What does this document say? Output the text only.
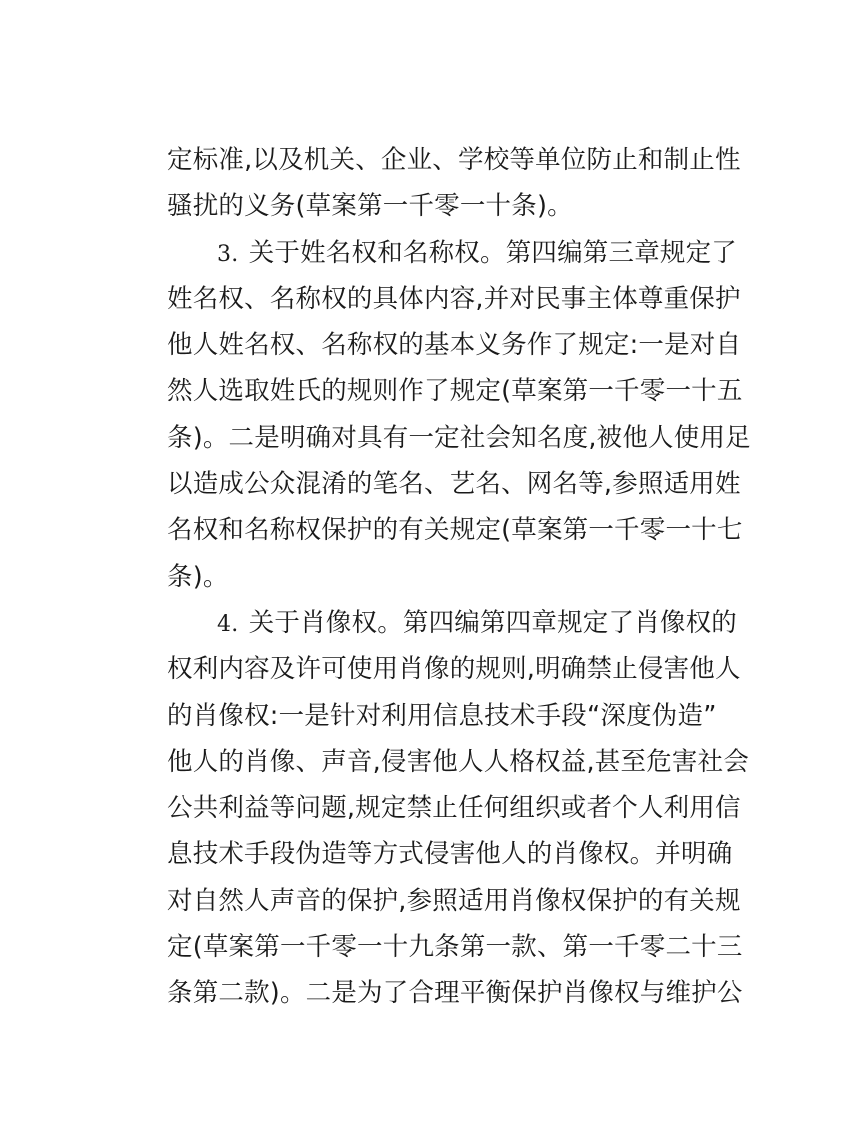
定标准,以及机关、企业、学校等单位防止和制止性
骚扰的义务(草案第一千零一十条)。
3. 关于姓名权和名称权。第四编第三章规定了
姓名权、名称权的具体内容,并对民事主体尊重保护
他人姓名权、名称权的基本义务作了规定:一是对自
然人选取姓氏的规则作了规定(草案第一千零一十五
条)。二是明确对具有一定社会知名度,被他人使用足
以造成公众混淆的笔名、艺名、网名等,参照适用姓
名权和名称权保护的有关规定(草案第一千零一十七
条)。
4. 关于肖像权。第四编第四章规定了肖像权的
权利内容及许可使用肖像的规则,明确禁止侵害他人
的肖像权:一是针对利用信息技术手段“深度伪造”
他人的肖像、声音,侵害他人人格权益,甚至危害社会
公共利益等问题,规定禁止任何组织或者个人利用信
息技术手段伪造等方式侵害他人的肖像权。并明确
对自然人声音的保护,参照适用肖像权保护的有关规
定(草案第一千零一十九条第一款、第一千零二十三
条第二款)。二是为了合理平衡保护肖像权与维护公
